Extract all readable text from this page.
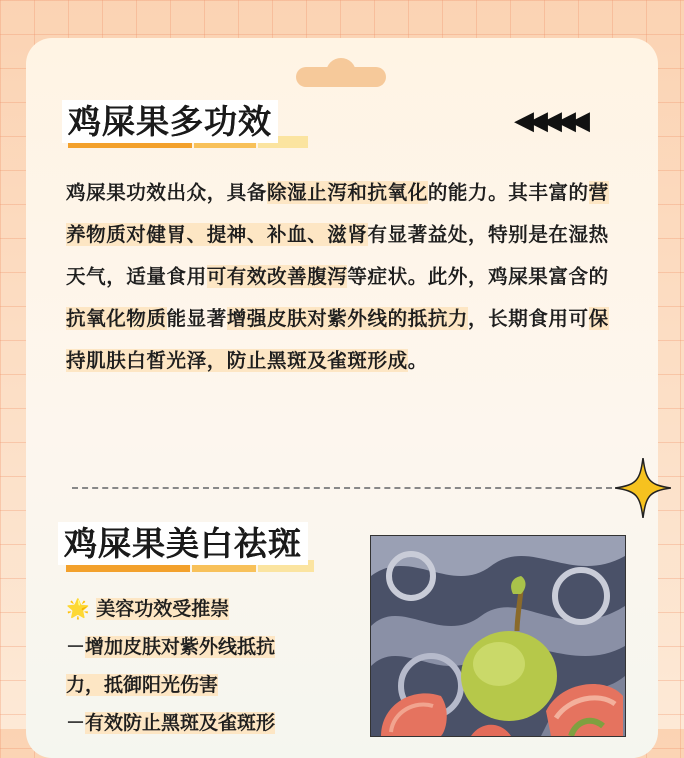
鸡屎果多功效	◀◀◀◀◀
鸡屎果功效出众，具备除湿止泻和抗氧化的能力。其丰富的营养物质对健胃、提神、补血、滋肾有显著益处，特别是在湿热天气，适量食用可有效改善腹泻等症状。此外，鸡屎果富含的抗氧化物质能显著增强皮肤对紫外线的抵抗力，长期食用可保持肌肤白皙光泽，防止黑斑及雀斑形成。
鸡屎果美白祛斑
🌟 美容功效受推崇
－增加皮肤对紫外线抵抗
力，抵御阳光伤害
－有效防止黑斑及雀斑形
